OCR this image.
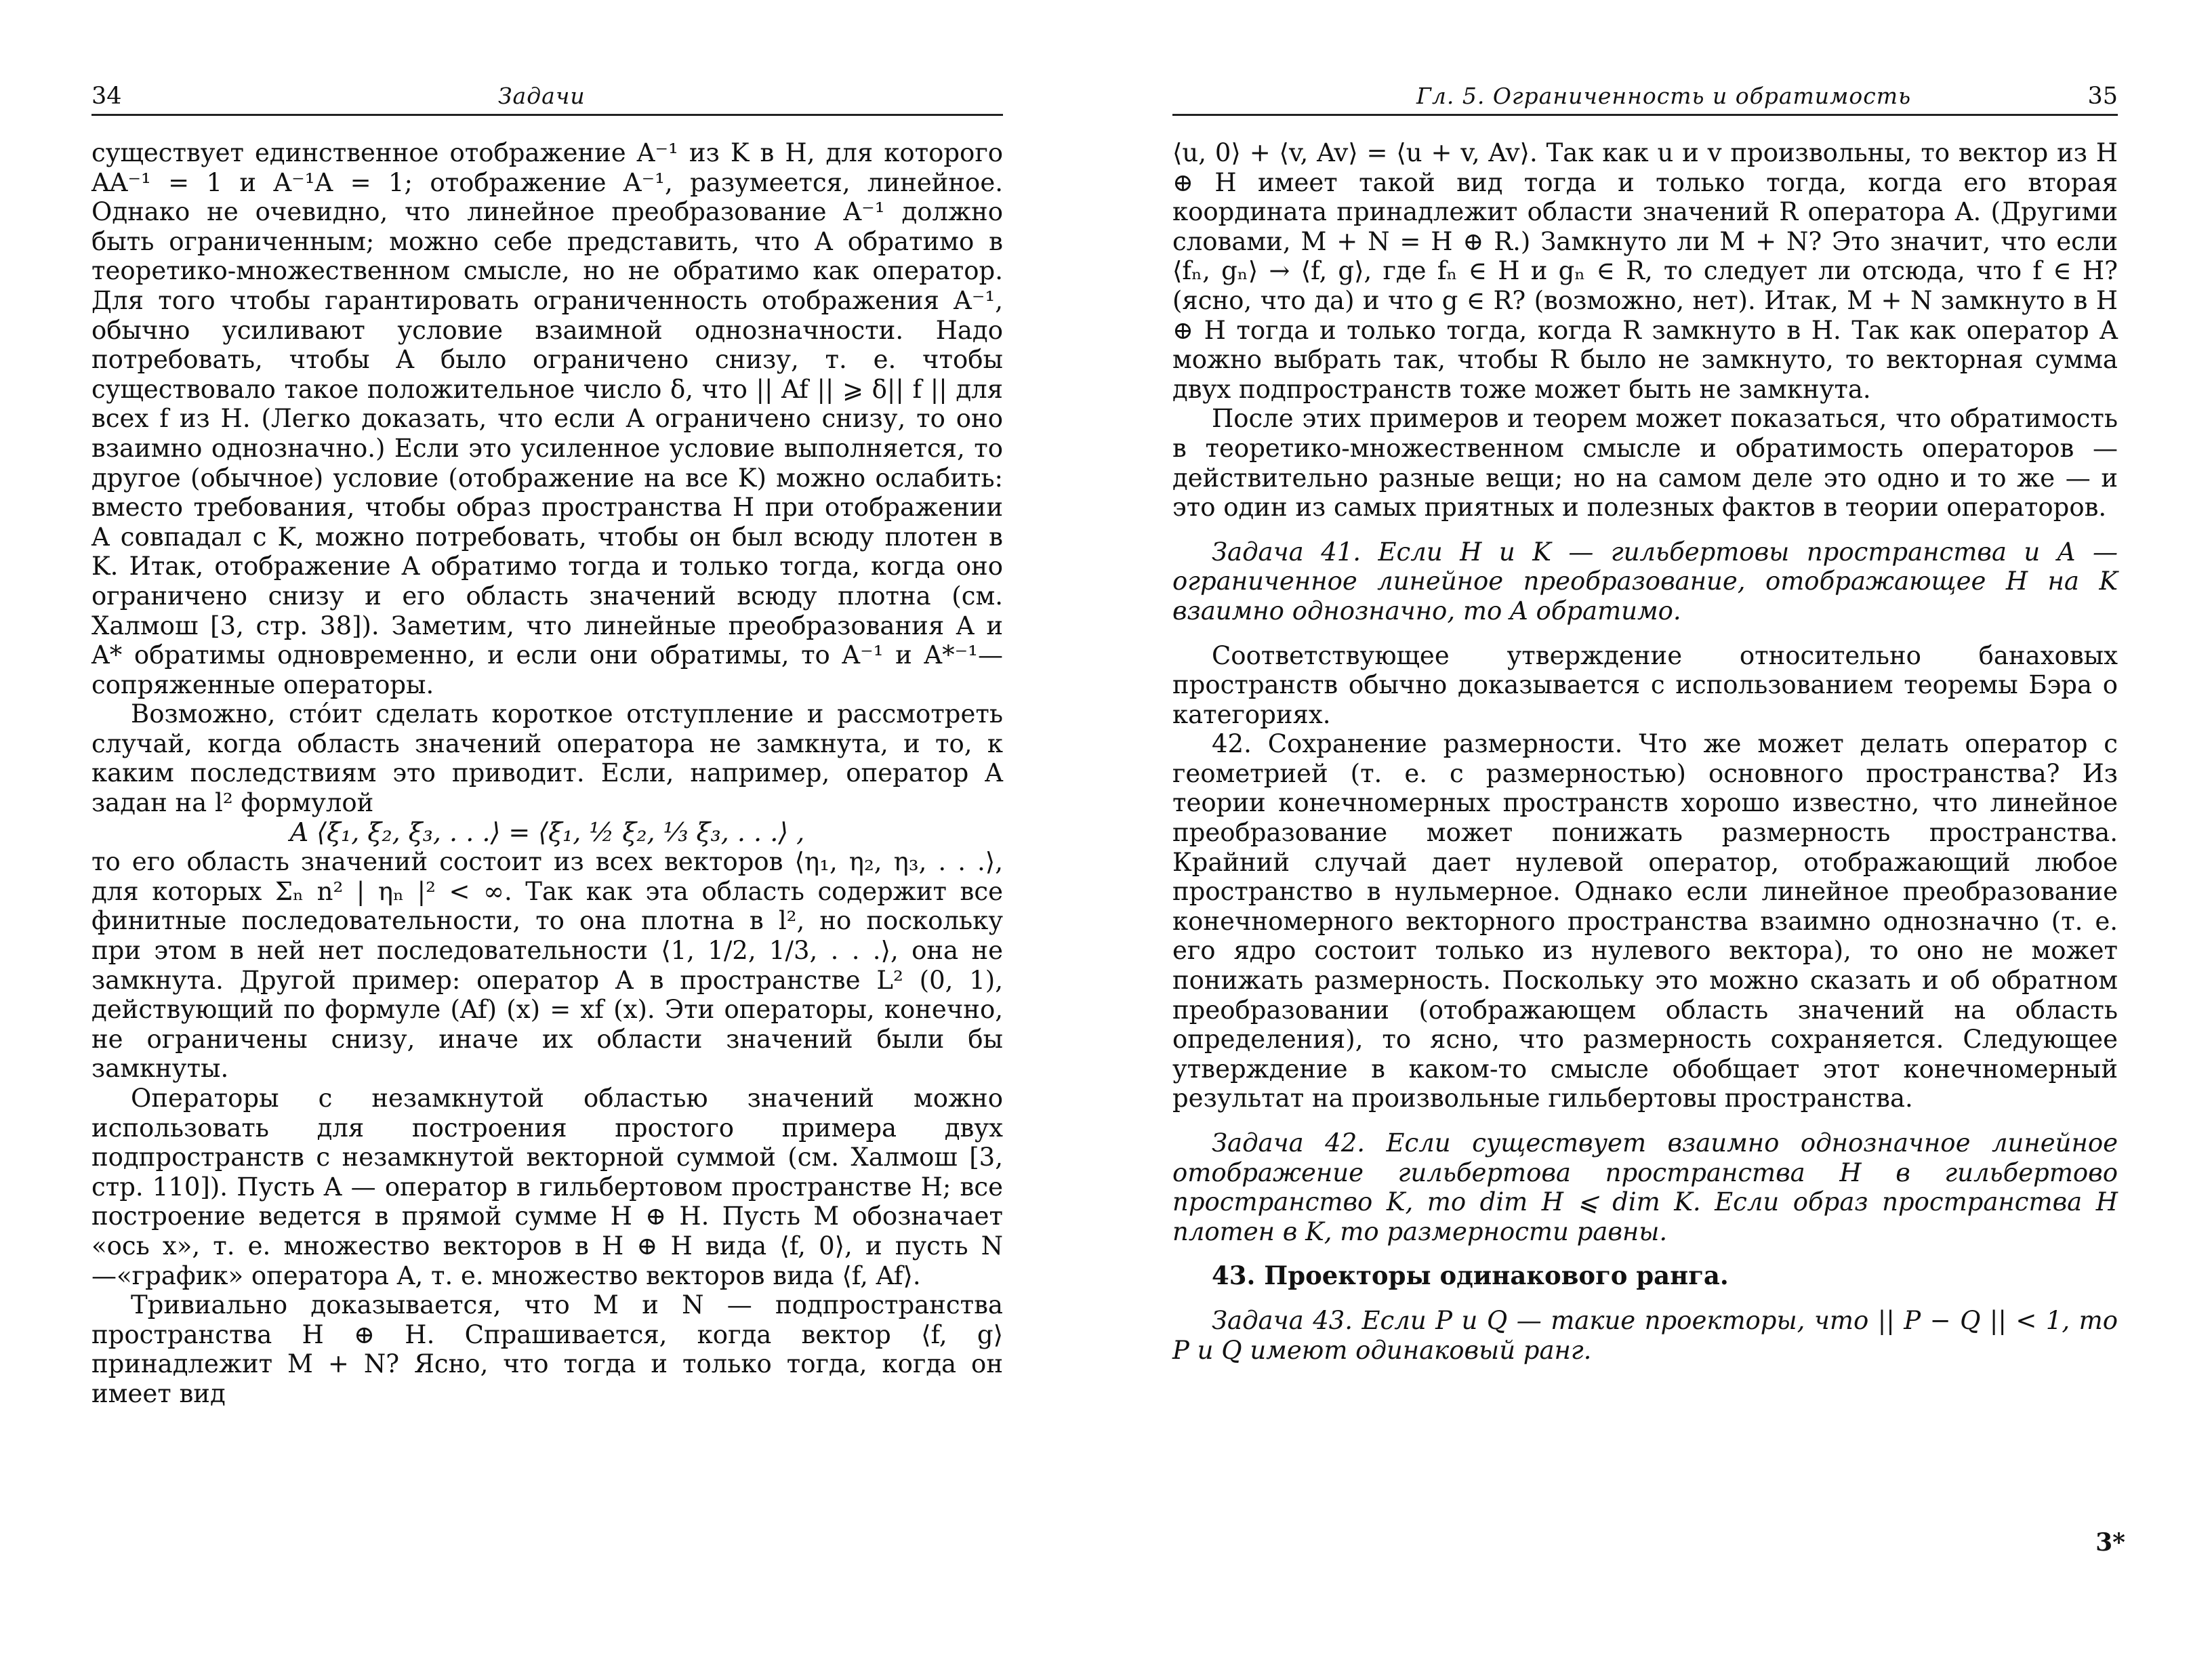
34	Задачи

существует единственное отображение A⁻¹ из K в H, для которого AA⁻¹ = 1 и A⁻¹A = 1; отображение A⁻¹, разумеется, линейное. Однако не очевидно, что линейное преобразование A⁻¹ должно быть ограниченным; можно себе представить, что A обратимо в теоретико-множественном смысле, но не обратимо как оператор. Для того чтобы гарантировать ограниченность отображения A⁻¹, обычно усиливают условие взаимной однозначности. Надо потребовать, чтобы A было ограничено снизу, т. е. чтобы существовало такое положительное число δ, что || Af || ⩾ δ|| f || для всех f из H. (Легко доказать, что если A ограничено снизу, то оно взаимно однозначно.) Если это усиленное условие выполняется, то другое (обычное) условие (отображение на все K) можно ослабить: вместо требования, чтобы образ пространства H при отображении A совпадал с K, можно потребовать, чтобы он был всюду плотен в K. Итак, отображение A обратимо тогда и только тогда, когда оно ограничено снизу и его область значений всюду плотна (см. Халмош [3, стр. 38]). Заметим, что линейные преобразования A и A* обратимы одновременно, и если они обратимы, то A⁻¹ и A*⁻¹— сопряженные операторы.

Возможно, стóит сделать короткое отступление и рассмотреть случай, когда область значений оператора не замкнута, и то, к каким последствиям это приводит. Если, например, оператор A задан на l² формулой

A ⟨ξ₁, ξ₂, ξ₃, . . .⟩ = ⟨ξ₁, ½ ξ₂, ⅓ ξ₃, . . .⟩ ,

то его область значений состоит из всех векторов ⟨η₁, η₂, η₃, . . .⟩, для которых Σₙ n² | ηₙ |² < ∞. Так как эта область содержит все финитные последовательности, то она плотна в l², но поскольку при этом в ней нет последовательности ⟨1, 1/2, 1/3, . . .⟩, она не замкнута. Другой пример: оператор A в пространстве L² (0, 1), действующий по формуле (Af) (x) = xf (x). Эти операторы, конечно, не ограничены снизу, иначе их области значений были бы замкнуты.

Операторы с незамкнутой областью значений можно использовать для построения простого примера двух подпространств с незамкнутой векторной суммой (см. Халмош [3, стр. 110]). Пусть A — оператор в гильбертовом пространстве H; все построение ведется в прямой сумме H ⊕ H. Пусть M обозначает «ось x», т. е. множество векторов в H ⊕ H вида ⟨f, 0⟩, и пусть N —«график» оператора A, т. е. множество векторов вида ⟨f, Af⟩.

Тривиально доказывается, что M и N — подпространства пространства H ⊕ H. Спрашивается, когда вектор ⟨f, g⟩ принадлежит M + N? Ясно, что тогда и только тогда, когда он имеет вид

Гл. 5. Ограниченность и обратимость	35

⟨u, 0⟩ + ⟨v, Av⟩ = ⟨u + v, Av⟩. Так как u и v произвольны, то вектор из H ⊕ H имеет такой вид тогда и только тогда, когда его вторая координата принадлежит области значений R оператора A. (Другими словами, M + N = H ⊕ R.) Замкнуто ли M + N? Это значит, что если ⟨fₙ, gₙ⟩ → ⟨f, g⟩, где fₙ ∈ H и gₙ ∈ R, то следует ли отсюда, что f ∈ H? (ясно, что да) и что g ∈ R? (возможно, нет). Итак, M + N замкнуто в H ⊕ H тогда и только тогда, когда R замкнуто в H. Так как оператор A можно выбрать так, чтобы R было не замкнуто, то векторная сумма двух подпространств тоже может быть не замкнута.

После этих примеров и теорем может показаться, что обратимость в теоретико-множественном смысле и обратимость операторов — действительно разные вещи; но на самом деле это одно и то же — и это один из самых приятных и полезных фактов в теории операторов.

Задача 41. Если H и K — гильбертовы пространства и A — ограниченное линейное преобразование, отображающее H на K взаимно однозначно, то A обратимо.

Соответствующее утверждение относительно банаховых пространств обычно доказывается с использованием теоремы Бэра о категориях.

42. Сохранение размерности. Что же может делать оператор с геометрией (т. е. с размерностью) основного пространства? Из теории конечномерных пространств хорошо известно, что линейное преобразование может понижать размерность пространства. Крайний случай дает нулевой оператор, отображающий любое пространство в нульмерное. Однако если линейное преобразование конечномерного векторного пространства взаимно однозначно (т. е. его ядро состоит только из нулевого вектора), то оно не может понижать размерность. Поскольку это можно сказать и об обратном преобразовании (отображающем область значений на область определения), то ясно, что размерность сохраняется. Следующее утверждение в каком-то смысле обобщает этот конечномерный результат на произвольные гильбертовы пространства.

Задача 42. Если существует взаимно однозначное линейное отображение гильбертова пространства H в гильбертово пространство K, то dim H ⩽ dim K. Если образ пространства H плотен в K, то размерности равны.

43. Проекторы одинакового ранга.

Задача 43. Если P и Q — такие проекторы, что || P − Q || < 1, то P и Q имеют одинаковый ранг.

3*
